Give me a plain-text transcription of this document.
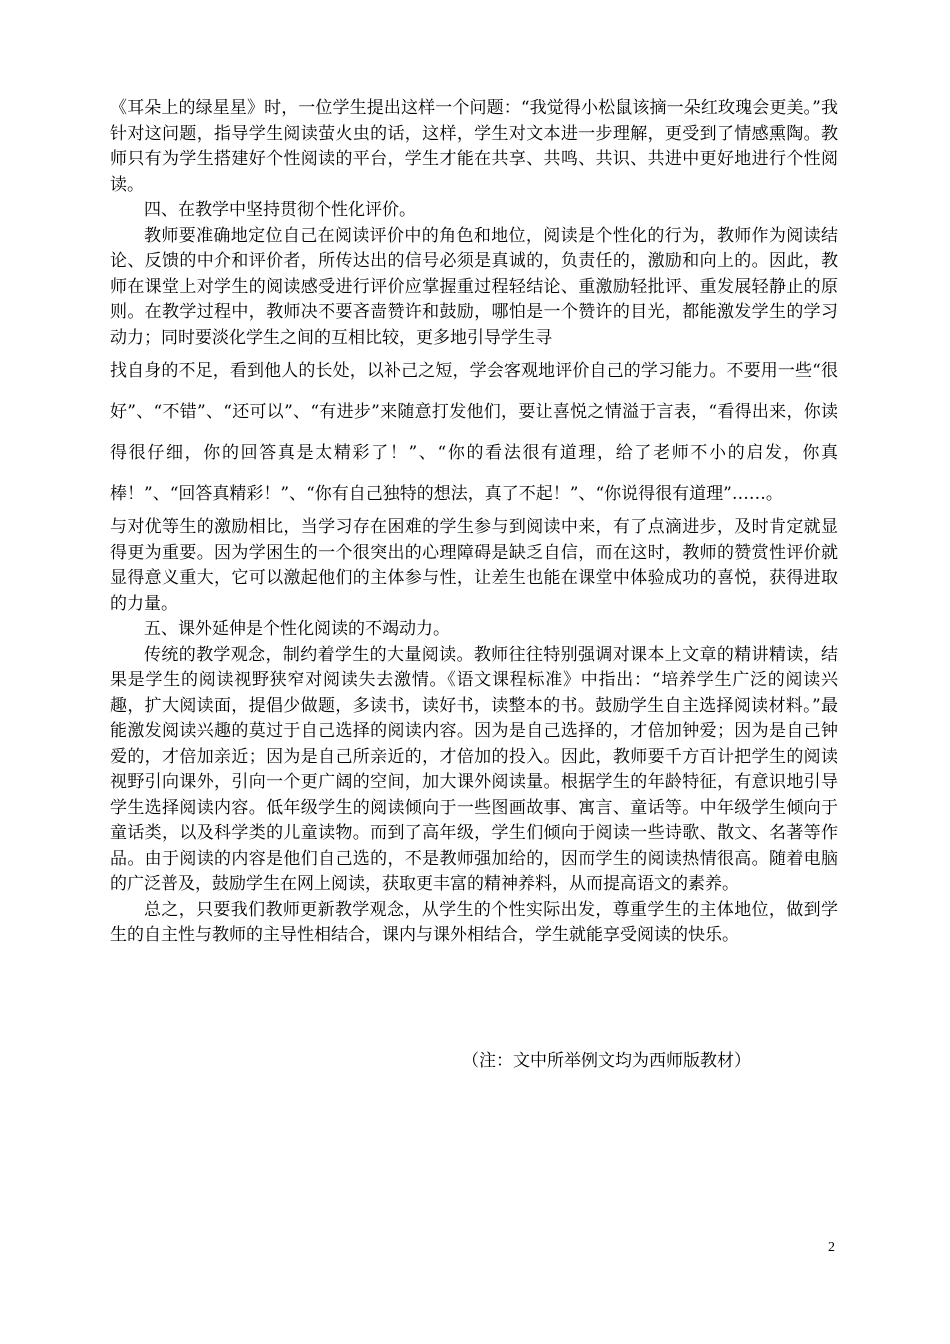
《耳朵上的绿星星》时，一位学生提出这样一个问题：“我觉得小松鼠该摘一朵红玫瑰会更美。”我针对这问题，指导学生阅读萤火虫的话，这样，学生对文本进一步理解，更受到了情感熏陶。教师只有为学生搭建好个性阅读的平台，学生才能在共享、共鸣、共识、共进中更好地进行个性阅读。

四、在教学中坚持贯彻个性化评价。

教师要准确地定位自己在阅读评价中的角色和地位，阅读是个性化的行为，教师作为阅读结论、反馈的中介和评价者，所传达出的信号必须是真诚的，负责任的，激励和向上的。因此，教师在课堂上对学生的阅读感受进行评价应掌握重过程轻结论、重激励轻批评、重发展轻静止的原则。在教学过程中，教师决不要吝啬赞许和鼓励，哪怕是一个赞许的目光，都能激发学生的学习动力；同时要淡化学生之间的互相比较，更多地引导学生寻

找自身的不足，看到他人的长处，以补己之短，学会客观地评价自己的学习能力。不要用一些“很好”、“不错”、“还可以”、“有进步”来随意打发他们，要让喜悦之情溢于言表，“看得出来，你读得很仔细，你的回答真是太精彩了！”、“你的看法很有道理，给了老师不小的启发，你真棒！”、“回答真精彩！”、“你有自己独特的想法，真了不起！”、“你说得很有道理”……。

与对优等生的激励相比，当学习存在困难的学生参与到阅读中来，有了点滴进步，及时肯定就显得更为重要。因为学困生的一个很突出的心理障碍是缺乏自信，而在这时，教师的赞赏性评价就显得意义重大，它可以激起他们的主体参与性，让差生也能在课堂中体验成功的喜悦，获得进取的力量。

五、课外延伸是个性化阅读的不竭动力。

传统的教学观念，制约着学生的大量阅读。教师往往特别强调对课本上文章的精讲精读，结果是学生的阅读视野狭窄对阅读失去激情。《语文课程标准》中指出：“培养学生广泛的阅读兴趣，扩大阅读面，提倡少做题，多读书，读好书，读整本的书。鼓励学生自主选择阅读材料。”最能激发阅读兴趣的莫过于自己选择的阅读内容。因为是自己选择的，才倍加钟爱；因为是自己钟爱的，才倍加亲近；因为是自己所亲近的，才倍加的投入。因此，教师要千方百计把学生的阅读视野引向课外，引向一个更广阔的空间，加大课外阅读量。根据学生的年龄特征，有意识地引导学生选择阅读内容。低年级学生的阅读倾向于一些图画故事、寓言、童话等。中年级学生倾向于童话类，以及科学类的儿童读物。而到了高年级，学生们倾向于阅读一些诗歌、散文、名著等作品。由于阅读的内容是他们自己选的，不是教师强加给的，因而学生的阅读热情很高。随着电脑的广泛普及，鼓励学生在网上阅读，获取更丰富的精神养料，从而提高语文的素养。

总之，只要我们教师更新教学观念，从学生的个性实际出发，尊重学生的主体地位，做到学生的自主性与教师的主导性相结合，课内与课外相结合，学生就能享受阅读的快乐。

（注：文中所举例文均为西师版教材）
2
